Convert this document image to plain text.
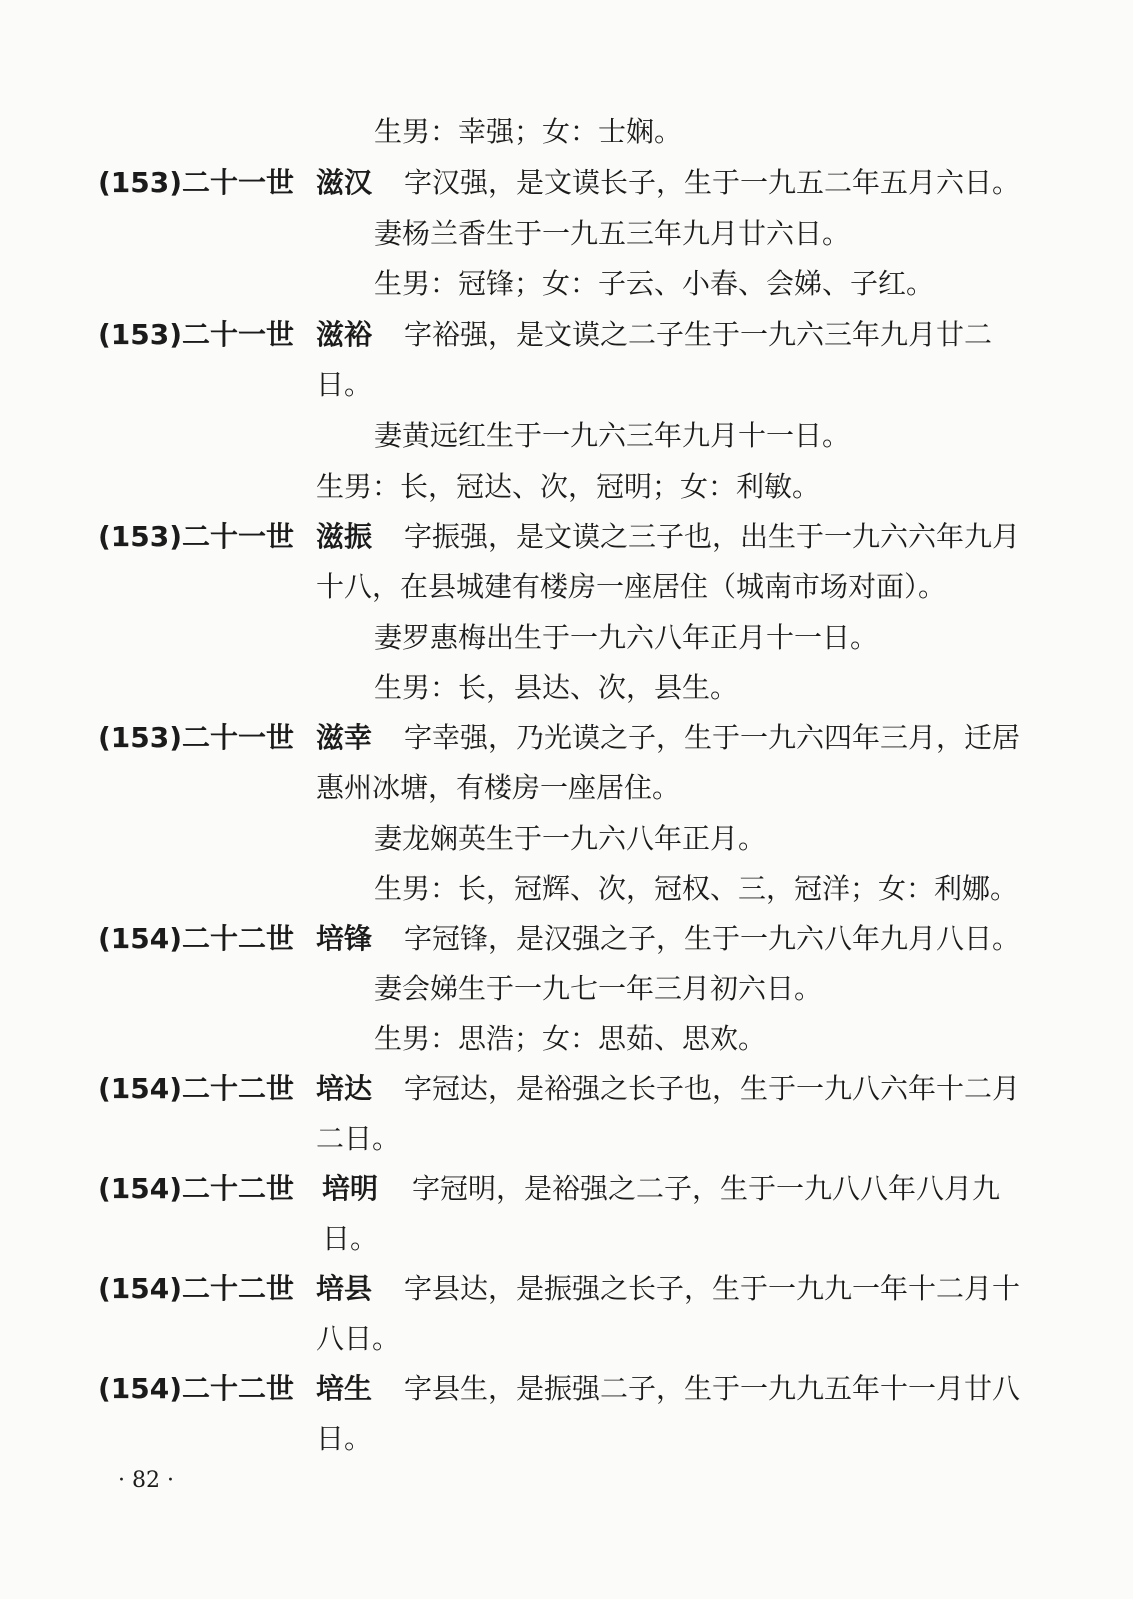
生男：幸强；女：士娴。
(153)二十一世 滋汉 字汉强，是文谟长子，生于一九五二年五月六日。
妻杨兰香生于一九五三年九月廿六日。
生男：冠锋；女：子云、小春、会娣、子红。
(153)二十一世 滋裕 字裕强，是文谟之二子生于一九六三年九月廿二
日。
妻黄远红生于一九六三年九月十一日。
生男：长，冠达、次，冠明；女：利敏。
(153)二十一世 滋振 字振强，是文谟之三子也，出生于一九六六年九月
十八，在县城建有楼房一座居住（城南市场对面）。
妻罗惠梅出生于一九六八年正月十一日。
生男：长，县达、次，县生。
(153)二十一世 滋幸 字幸强，乃光谟之子，生于一九六四年三月，迁居
惠州冰塘，有楼房一座居住。
妻龙娴英生于一九六八年正月。
生男：长，冠辉、次，冠权、三，冠洋；女：利娜。
(154)二十二世 培锋 字冠锋，是汉强之子，生于一九六八年九月八日。
妻会娣生于一九七一年三月初六日。
生男：思浩；女：思茹、思欢。
(154)二十二世 培达 字冠达，是裕强之长子也，生于一九八六年十二月
二日。
(154)二十二世 培明 字冠明，是裕强之二子，生于一九八八年八月九
日。
(154)二十二世 培县 字县达，是振强之长子，生于一九九一年十二月十
八日。
(154)二十二世 培生 字县生，是振强二子，生于一九九五年十一月廿八
日。
· 82 ·
